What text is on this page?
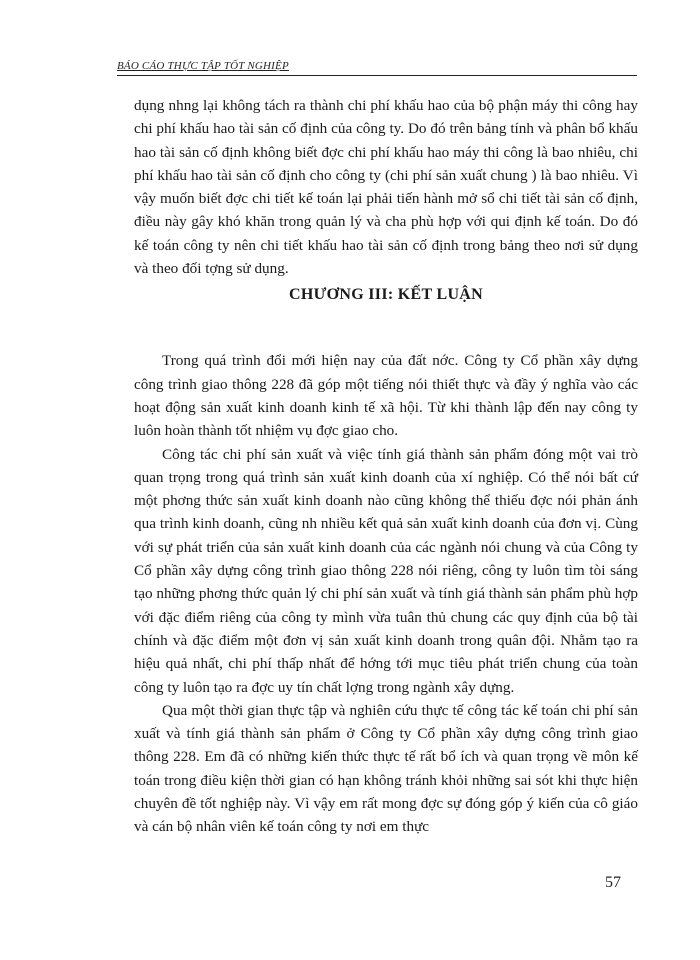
BÁO CÁO THỰC TẬP TỐT NGHIỆP

dụng nhng lại không tách ra thành chi phí khấu hao của bộ phận máy thi công hay chi phí khấu hao tài sản cố định của công ty. Do đó trên bảng tính và phân bổ khấu hao tài sản cố định không biết đợc chi phí khấu hao máy thi công là bao nhiêu, chi phí khấu hao tài sản cố định cho công ty (chi phí sản xuất chung ) là bao nhiêu. Vì vậy muốn biết đợc chi tiết kế toán lại phải tiến hành mở sổ chi tiết tài sản cố định, điều này gây khó khăn trong quản lý và cha phù hợp với qui định kế toán. Do đó kế toán công ty nên chi tiết khấu hao tài sản cố định trong bảng theo nơi sử dụng và theo đối tợng sử dụng.

CHƯƠNG III: KẾT LUẬN

Trong quá trình đổi mới hiện nay của đất nớc. Công ty Cổ phần xây dựng công trình giao thông 228 đã góp một tiếng nói thiết thực và đầy ý nghĩa vào các hoạt động sản xuất kinh doanh kinh tế xã hội. Từ khi thành lập đến nay công ty luôn hoàn thành tốt nhiệm vụ đợc giao cho.

Công tác chi phí sản xuất và việc tính giá thành sản phẩm đóng một vai trò quan trọng trong quá trình sản xuất kinh doanh của xí nghiệp. Có thể nói bất cứ một phơng thức sản xuất kinh doanh nào cũng không thể thiếu đợc nói phản ánh qua trình kinh doanh, cũng nh nhiều kết quả sản xuất kinh doanh của đơn vị. Cùng với sự phát triển của sản xuất kinh doanh của các ngành nói chung và của Công ty Cổ phần xây dựng công trình giao thông 228 nói riêng, công ty luôn tìm tòi sáng tạo những phơng thức quản lý chi phí sản xuất và tính giá thành sản phẩm phù hợp với đặc điểm riêng của công ty mình vừa tuân thủ chung các quy định của bộ tài chính và đặc điểm một đơn vị sản xuất kinh doanh trong quân đội. Nhằm tạo ra hiệu quả nhất, chi phí thấp nhất để hớng tới mục tiêu phát triển chung của toàn công ty luôn tạo ra đợc uy tín chất lợng trong ngành xây dựng.

Qua một thời gian thực tập và nghiên cứu thực tế công tác kế toán chi phí sản xuất và tính giá thành sản phẩm ở Công ty Cổ phần xây dựng công trình giao thông 228. Em đã có những kiến thức thực tế rất bổ ích và quan trọng về môn kế toán trong điều kiện thời gian có hạn không tránh khỏi những sai sót khi thực hiện chuyên đề tốt nghiệp này. Vì vậy em rất mong đợc sự đóng góp ý kiến của cô giáo và cán bộ nhân viên kế toán công ty nơi em thực

57
